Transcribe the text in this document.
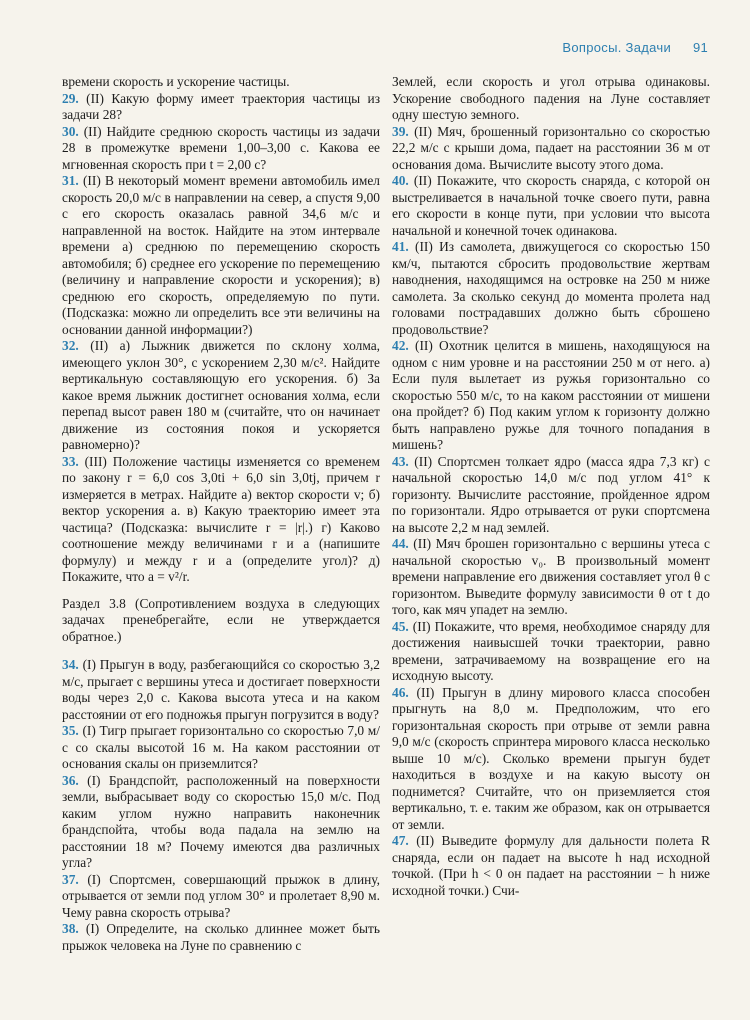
Вопросы. Задачи 91

времени скорость и ускорение частицы.

29. (II) Какую форму имеет траектория частицы из задачи 28?

30. (II) Найдите среднюю скорость частицы из задачи 28 в промежутке времени 1,00–3,00 с. Какова ее мгновенная скорость при t = 2,00 с?

31. (II) В некоторый момент времени автомобиль имел скорость 20,0 м/с в направлении на север, а спустя 9,00 с его скорость оказалась равной 34,6 м/с и направленной на восток. Найдите на этом интервале времени а) среднюю по перемещению скорость автомобиля; б) среднее его ускорение по перемещению (величину и направление скорости и ускорения); в) среднюю его скорость, определяемую по пути. (Подсказка: можно ли определить все эти величины на основании данной информации?)

32. (II) а) Лыжник движется по склону холма, имеющего уклон 30°, с ускорением 2,30 м/с². Найдите вертикальную составляющую его ускорения. б) За какое время лыжник достигнет основания холма, если перепад высот равен 180 м (считайте, что он начинает движение из состояния покоя и ускоряется равномерно)?

33. (III) Положение частицы изменяется со временем по закону r = 6,0 cos 3,0ti + 6,0 sin 3,0tj, причем r измеряется в метрах. Найдите а) вектор скорости v; б) вектор ускорения a. в) Какую траекторию имеет эта частица? (Подсказка: вычислите r = |r|.) г) Каково соотношение между величинами r и a (напишите формулу) и между r и a (определите угол)? д) Покажите, что a = v²/r.

Раздел 3.8 (Сопротивлением воздуха в следующих задачах пренебрегайте, если не утверждается обратное.)

34. (I) Прыгун в воду, разбегающийся со скоростью 3,2 м/с, прыгает с вершины утеса и достигает поверхности воды через 2,0 с. Какова высота утеса и на каком расстоянии от его подножья прыгун погрузится в воду?

35. (I) Тигр прыгает горизонтально со скоростью 7,0 м/с со скалы высотой 16 м. На каком расстоянии от основания скалы он приземлится?

36. (I) Брандспойт, расположенный на поверхности земли, выбрасывает воду со скоростью 15,0 м/с. Под каким углом нужно направить наконечник брандспойта, чтобы вода падала на землю на расстоянии 18 м? Почему имеются два различных угла?

37. (I) Спортсмен, совершающий прыжок в длину, отрывается от земли под углом 30° и пролетает 8,90 м. Чему равна скорость отрыва?

38. (I) Определите, на сколько длиннее может быть прыжок человека на Луне по сравнению с

Землей, если скорость и угол отрыва одинаковы. Ускорение свободного падения на Луне составляет одну шестую земного.

39. (II) Мяч, брошенный горизонтально со скоростью 22,2 м/с с крыши дома, падает на расстоянии 36 м от основания дома. Вычислите высоту этого дома.

40. (II) Покажите, что скорость снаряда, с которой он выстреливается в начальной точке своего пути, равна его скорости в конце пути, при условии что высота начальной и конечной точек одинакова.

41. (II) Из самолета, движущегося со скоростью 150 км/ч, пытаются сбросить продовольствие жертвам наводнения, находящимся на островке на 250 м ниже самолета. За сколько секунд до момента пролета над головами пострадавших должно быть сброшено продовольствие?

42. (II) Охотник целится в мишень, находящуюся на одном с ним уровне и на расстоянии 250 м от него. а) Если пуля вылетает из ружья горизонтально со скоростью 550 м/с, то на каком расстоянии от мишени она пройдет? б) Под каким углом к горизонту должно быть направлено ружье для точного попадания в мишень?

43. (II) Спортсмен толкает ядро (масса ядра 7,3 кг) с начальной скоростью 14,0 м/с под углом 41° к горизонту. Вычислите расстояние, пройденное ядром по горизонтали. Ядро отрывается от руки спортсмена на высоте 2,2 м над землей.

44. (II) Мяч брошен горизонтально с вершины утеса с начальной скоростью v₀. В произвольный момент времени направление его движения составляет угол θ с горизонтом. Выведите формулу зависимости θ от t до того, как мяч упадет на землю.

45. (II) Покажите, что время, необходимое снаряду для достижения наивысшей точки траектории, равно времени, затрачиваемому на возвращение его на исходную высоту.

46. (II) Прыгун в длину мирового класса способен прыгнуть на 8,0 м. Предположим, что его горизонтальная скорость при отрыве от земли равна 9,0 м/с (скорость спринтера мирового класса несколько выше 10 м/с). Сколько времени прыгун будет находиться в воздухе и на какую высоту он поднимется? Считайте, что он приземляется стоя вертикально, т. е. таким же образом, как он отрывается от земли.

47. (II) Выведите формулу для дальности полета R снаряда, если он падает на высоте h над исходной точкой. (При h < 0 он падает на расстоянии − h ниже исходной точки.) Счи-
